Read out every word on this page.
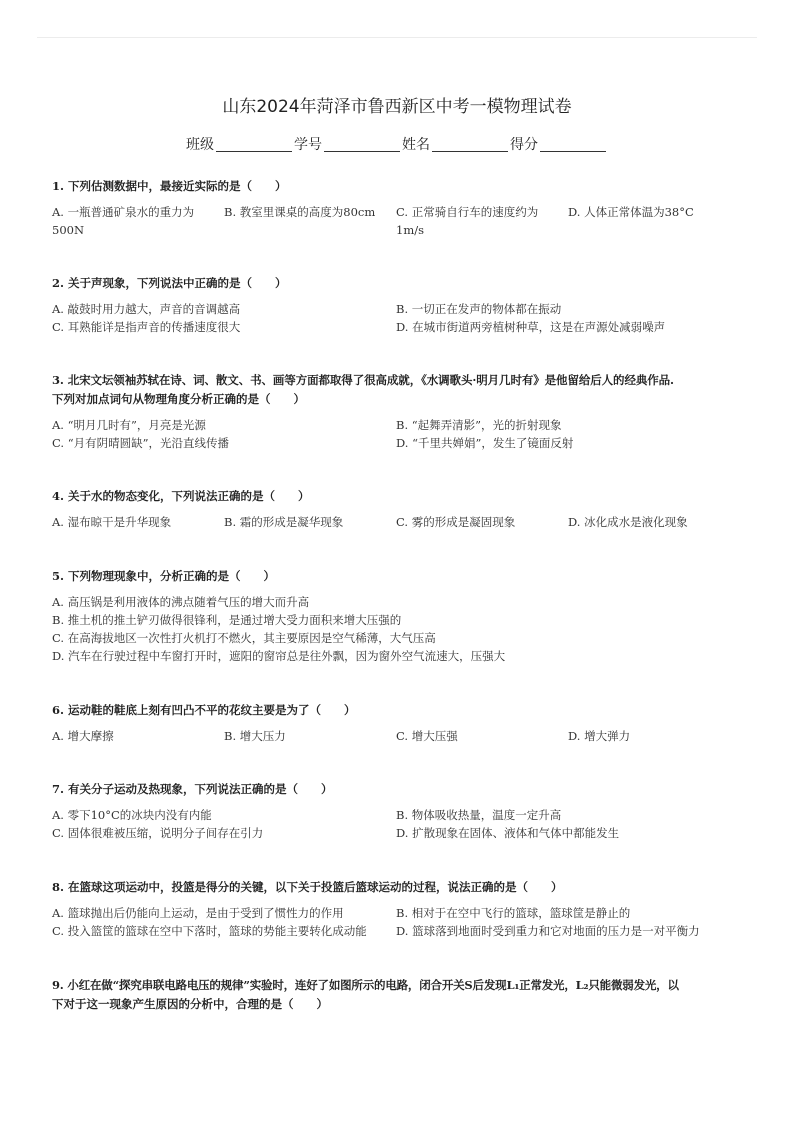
山东2024年菏泽市鲁西新区中考一模物理试卷
班级	学号	姓名	得分
1. 下列估测数据中，最接近实际的是（　　）
A. 一瓶普通矿泉水的重力为500N
B. 教室里课桌的高度为80cm	C. 正常骑自行车的速度约为1m/s
D. 人体正常体温为38°C
2. 关于声现象，下列说法中正确的是（　　）
A. 敲鼓时用力越大，声音的音调越高	B. 一切正在发声的物体都在振动
C. 耳熟能详是指声音的传播速度很大	D. 在城市街道两旁植树种草，这是在声源处减弱噪声
3. 北宋文坛领袖苏轼在诗、词、散文、书、画等方面都取得了很高成就，《水调歌头·明月几时有》是他留给后人的经典作品.
下列对加点词句从物理角度分析正确的是（　　）
A. “明月几时有”，月亮是光源	B. “起舞弄清影”，光的折射现象
C. “月有阴晴圆缺”，光沿直线传播	D. “千里共婵娟”，发生了镜面反射
4. 关于水的物态变化，下列说法正确的是（　　）
A. 湿布晾干是升华现象	B. 霜的形成是凝华现象	C. 雾的形成是凝固现象	D. 冰化成水是液化现象
5. 下列物理现象中，分析正确的是（　　）
A. 高压锅是利用液体的沸点随着气压的增大而升高
B. 推土机的推土铲刃做得很锋利，是通过增大受力面积来增大压强的
C. 在高海拔地区一次性打火机打不燃火，其主要原因是空气稀薄，大气压高
D. 汽车在行驶过程中车窗打开时，遮阳的窗帘总是往外飘，因为窗外空气流速大，压强大
6. 运动鞋的鞋底上刻有凹凸不平的花纹主要是为了（　　）
A. 增大摩擦	B. 增大压力	C. 增大压强	D. 增大弹力
7. 有关分子运动及热现象，下列说法正确的是（　　）
A. 零下10°C的冰块内没有内能	B. 物体吸收热量，温度一定升高
C. 固体很难被压缩，说明分子间存在引力	D. 扩散现象在固体、液体和气体中都能发生
8. 在篮球这项运动中，投篮是得分的关键，以下关于投篮后篮球运动的过程，说法正确的是（　　）
A. 篮球抛出后仍能向上运动，是由于受到了惯性力的作用	B. 相对于在空中飞行的篮球，篮球筐是静止的
C. 投入篮筐的篮球在空中下落时，篮球的势能主要转化成动能	D. 篮球落到地面时受到重力和它对地面的压力是一对平衡力
9. 小红在做“探究串联电路电压的规律”实验时，连好了如图所示的电路，闭合开关S后发现L₁正常发光，L₂只能微弱发光，以
下对于这一现象产生原因的分析中，合理的是（　　）
